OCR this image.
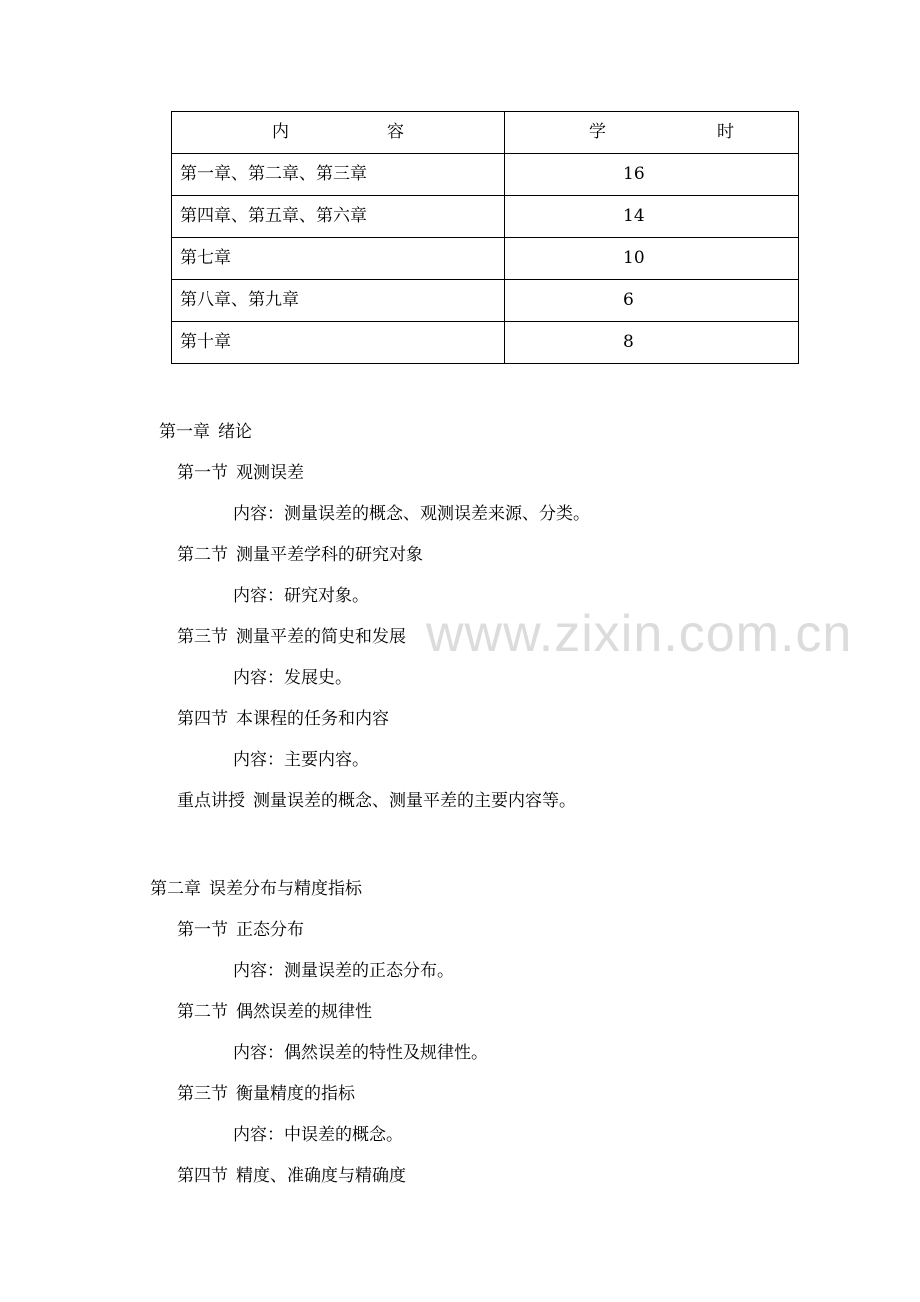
内 容	学 时

第一章、第二章、第三章	16
第四章、第五章、第六章	14
第七章	10
第八章、第九章	6
第十章	8

第一章 绪论

第一节 观测误差

内容：测量误差的概念、观测误差来源、分类。

第二节 测量平差学科的研究对象

内容：研究对象。

第三节 测量平差的简史和发展

内容：发展史。

第四节 本课程的任务和内容

内容：主要内容。

重点讲授 测量误差的概念、测量平差的主要内容等。

第二章 误差分布与精度指标

第一节 正态分布

内容：测量误差的正态分布。

第二节 偶然误差的规律性

内容：偶然误差的特性及规律性。

第三节 衡量精度的指标

内容：中误差的概念。

第四节 精度、准确度与精确度

www.zixin.com.cn
